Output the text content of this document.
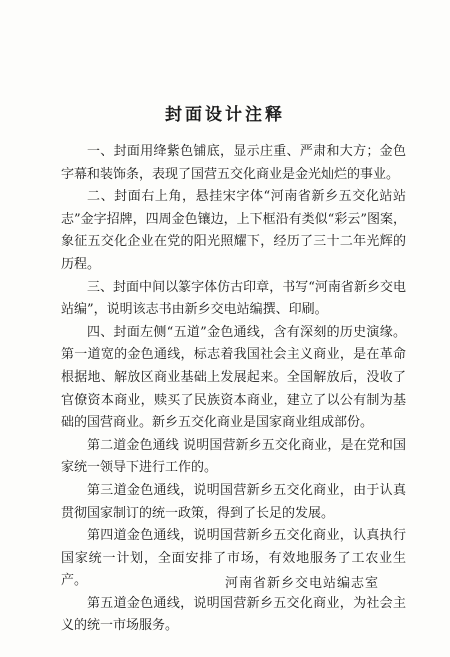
封面设计注释

一、封面用绛紫色铺底，显示庄重、严肃和大方；金色字幕和装饰条，表现了国营五交化商业是金光灿烂的事业。

二、封面右上角，悬挂宋字体“河南省新乡五交化站站志”金字招牌，四周金色镶边，上下框沿有类似“彩云”图案，象征五交化企业在党的阳光照耀下，经历了三十二年光辉的历程。

三、封面中间以篆字体仿古印章，书写“河南省新乡交电站编”，说明该志书由新乡交电站编撰、印刷。

四、封面左侧“五道”金色通线，含有深刻的历史演缘。第一道宽的金色通线，标志着我国社会主义商业，是在革命根据地、解放区商业基础上发展起来。全国解放后，没收了官僚资本商业，赎买了民族资本商业，建立了以公有制为基础的国营商业。新乡五交化商业是国家商业组成部份。

第二道金色通线 说明国营新乡五交化商业，是在党和国家统一领导下进行工作的。

第三道金色通线，说明国营新乡五交化商业，由于认真贯彻国家制订的统一政策，得到了长足的发展。

第四道金色通线，说明国营新乡五交化商业，认真执行国家统一计划，全面安排了市场，有效地服务了工农业生产。

第五道金色通线，说明国营新乡五交化商业，为社会主义的统一市场服务。

河南省新乡交电站编志室
